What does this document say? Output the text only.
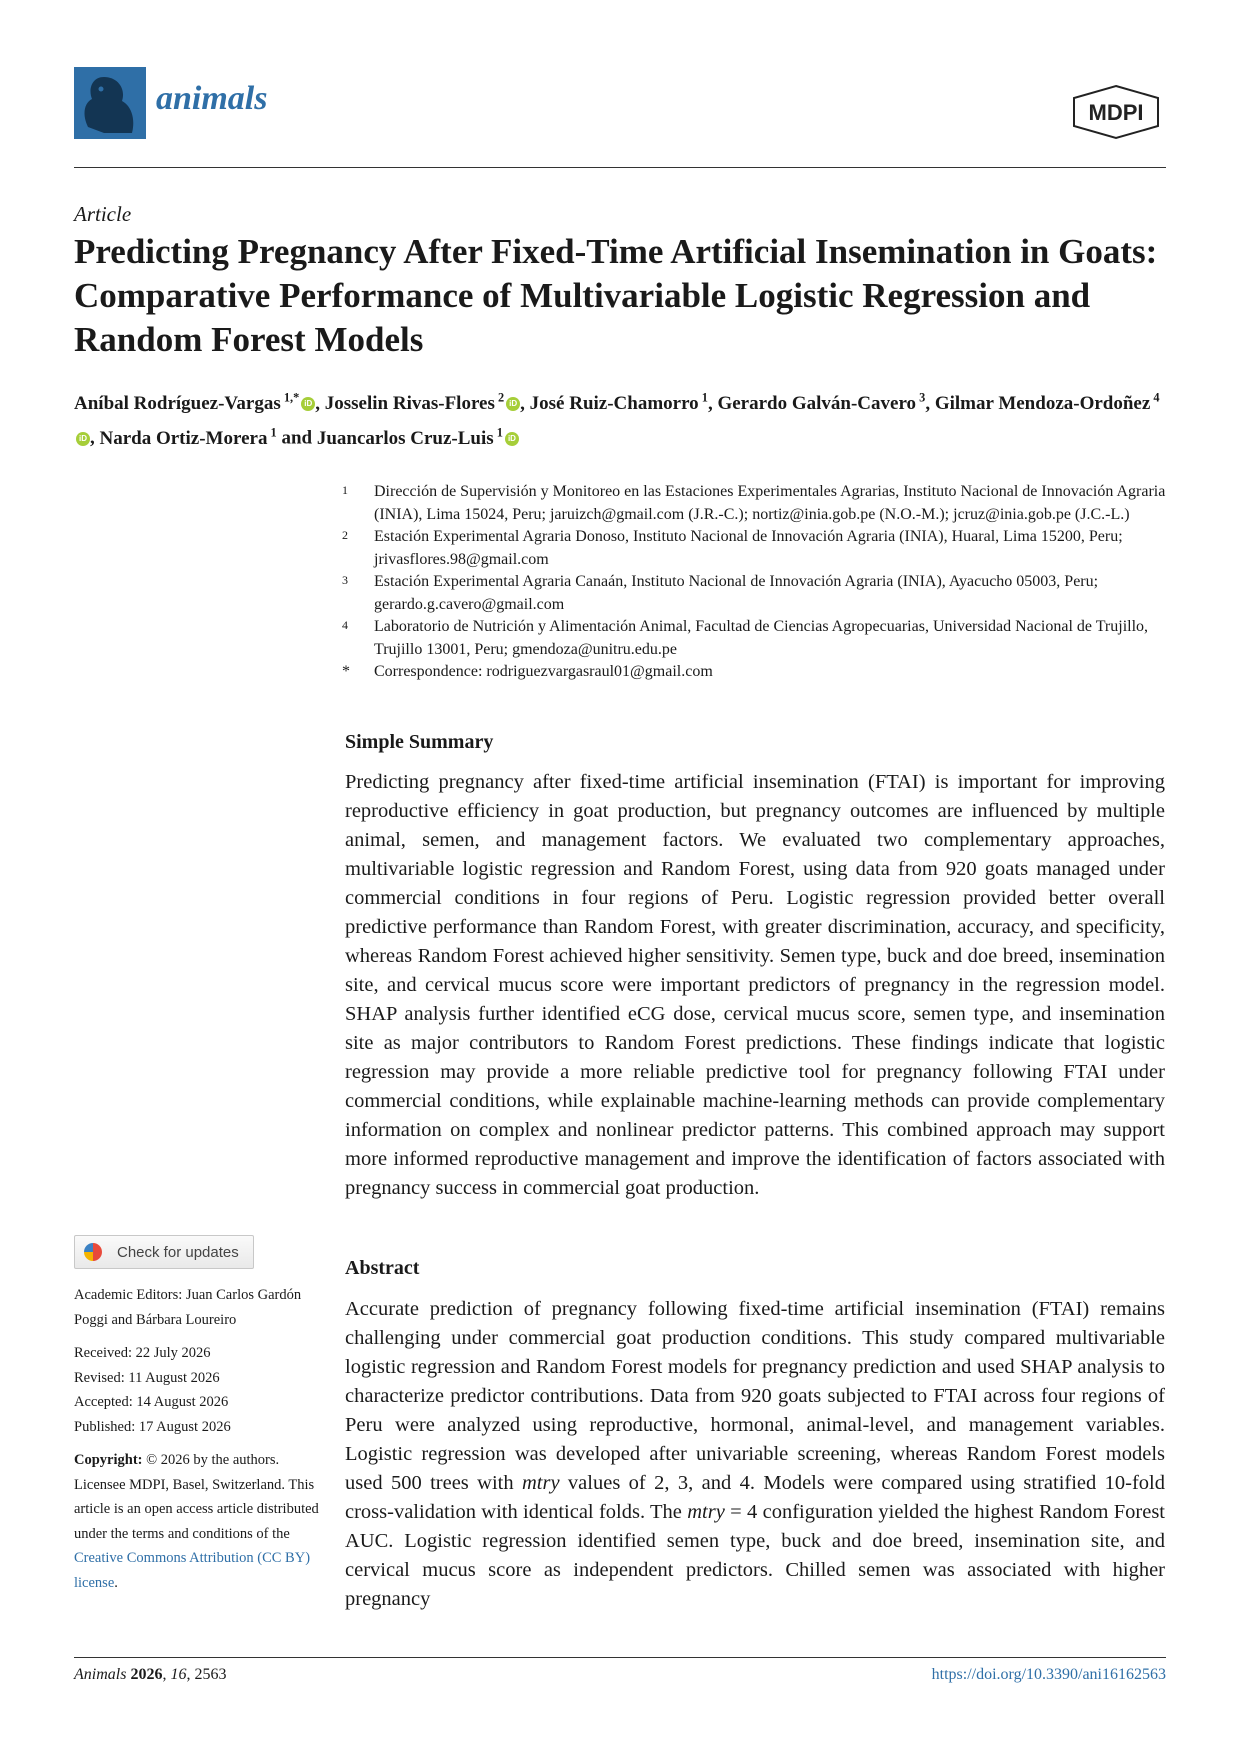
animals	MDPI
Article
Predicting Pregnancy After Fixed-Time Artificial Insemination in Goats: Comparative Performance of Multivariable Logistic Regression and Random Forest Models
Aníbal Rodríguez-Vargas $^{1,*}$ iD , Josselin Rivas-Flores $^2$ iD , José Ruiz-Chamorro $^1$, Gerardo Galván-Cavero $^3$, Gilmar Mendoza-Ordoñez $^4$iD , Narda Ortiz-Morera $^1$ and Juancarlos Cruz-Luis $^1$ iD
1 Dirección de Supervisión y Monitoreo en las Estaciones Experimentales Agrarias, Instituto Nacional de Innovación Agraria (INIA), Lima 15024, Peru; jaruizch@gmail.com (J.R.-C.); nortiz@inia.gob.pe (N.O.-M.); jcruz@inia.gob.pe (J.C.-L.)
2 Estación Experimental Agraria Donoso, Instituto Nacional de Innovación Agraria (INIA), Huaral, Lima 15200, Peru; jrivasflores.98@gmail.com
3 Estación Experimental Agraria Canaán, Instituto Nacional de Innovación Agraria (INIA), Ayacucho 05003, Peru; gerardo.g.cavero@gmail.com
4 Laboratorio de Nutrición y Alimentación Animal, Facultad de Ciencias Agropecuarias, Universidad Nacional de Trujillo, Trujillo 13001, Peru; gmendoza@unitru.edu.pe
* Correspondence: rodriguezvargasraul01@gmail.com
Simple Summary
Predicting pregnancy after fixed-time artificial insemination (FTAI) is important for improving reproductive efficiency in goat production, but pregnancy outcomes are influenced by multiple animal, semen, and management factors. We evaluated two complementary approaches, multivariable logistic regression and Random Forest, using data from 920 goats managed under commercial conditions in four regions of Peru. Logistic regression provided better overall predictive performance than Random Forest, with greater discrimination, accuracy, and specificity, whereas Random Forest achieved higher sensitivity. Semen type, buck and doe breed, insemination site, and cervical mucus score were important predictors of pregnancy in the regression model. SHAP analysis further identified eCG dose, cervical mucus score, semen type, and insemination site as major contributors to Random Forest predictions. These findings indicate that logistic regression may provide a more reliable predictive tool for pregnancy following FTAI under commercial conditions, while explainable machine-learning methods can provide complementary information on complex and nonlinear predictor patterns. This combined approach may support more informed reproductive management and improve the identification of factors associated with pregnancy success in commercial goat production.
Abstract
Accurate prediction of pregnancy following fixed-time artificial insemination (FTAI) remains challenging under commercial goat production conditions. This study compared multivariable logistic regression and Random Forest models for pregnancy prediction and used SHAP analysis to characterize predictor contributions. Data from 920 goats subjected to FTAI across four regions of Peru were analyzed using reproductive, hormonal, animal-level, and management variables. Logistic regression was developed after univariable screening, whereas Random Forest models used 500 trees with mtry values of 2, 3, and 4. Models were compared using stratified 10-fold cross-validation with identical folds. The mtry = 4 configuration yielded the highest Random Forest AUC. Logistic regression identified semen type, buck and doe breed, insemination site, and cervical mucus score as independent predictors. Chilled semen was associated with higher pregnancy
Check for updates
Academic Editors: Juan Carlos Gardón Poggi and Bárbara Loureiro
Received: 22 July 2026
Revised: 11 August 2026
Accepted: 14 August 2026
Published: 17 August 2026
Copyright: © 2026 by the authors. Licensee MDPI, Basel, Switzerland. This article is an open access article distributed under the terms and conditions of the Creative Commons Attribution (CC BY) license.
Animals 2026, 16, 2563	https://doi.org/10.3390/ani16162563
